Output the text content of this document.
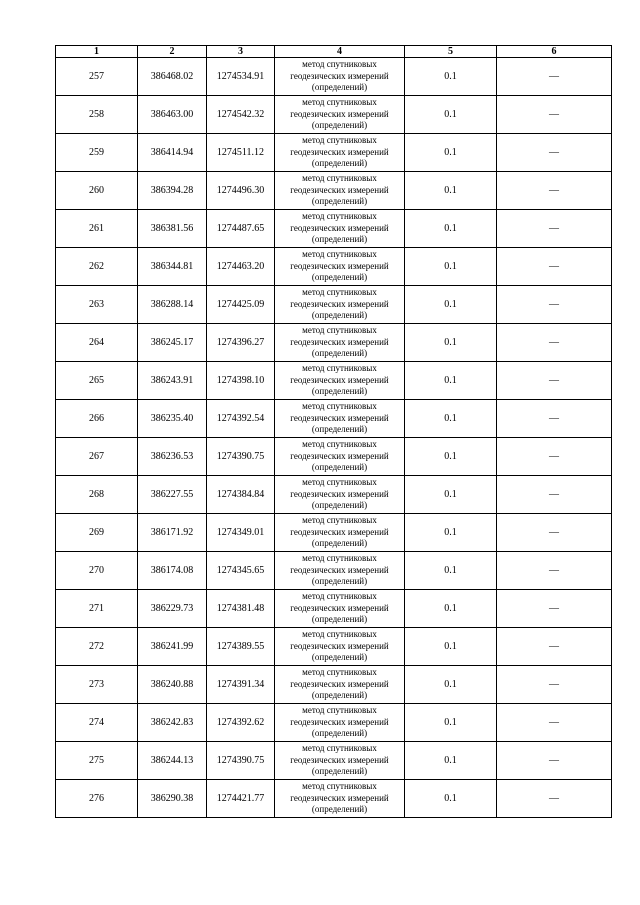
1	2	3	4	5	6
257	386468.02	1274534.91	метод спутниковых геодезических измерений (определений)	0.1	—
258	386463.00	1274542.32	метод спутниковых геодезических измерений (определений)	0.1	—
259	386414.94	1274511.12	метод спутниковых геодезических измерений (определений)	0.1	—
260	386394.28	1274496.30	метод спутниковых геодезических измерений (определений)	0.1	—
261	386381.56	1274487.65	метод спутниковых геодезических измерений (определений)	0.1	—
262	386344.81	1274463.20	метод спутниковых геодезических измерений (определений)	0.1	—
263	386288.14	1274425.09	метод спутниковых геодезических измерений (определений)	0.1	—
264	386245.17	1274396.27	метод спутниковых геодезических измерений (определений)	0.1	—
265	386243.91	1274398.10	метод спутниковых геодезических измерений (определений)	0.1	—
266	386235.40	1274392.54	метод спутниковых геодезических измерений (определений)	0.1	—
267	386236.53	1274390.75	метод спутниковых геодезических измерений (определений)	0.1	—
268	386227.55	1274384.84	метод спутниковых геодезических измерений (определений)	0.1	—
269	386171.92	1274349.01	метод спутниковых геодезических измерений (определений)	0.1	—
270	386174.08	1274345.65	метод спутниковых геодезических измерений (определений)	0.1	—
271	386229.73	1274381.48	метод спутниковых геодезических измерений (определений)	0.1	—
272	386241.99	1274389.55	метод спутниковых геодезических измерений (определений)	0.1	—
273	386240.88	1274391.34	метод спутниковых геодезических измерений (определений)	0.1	—
274	386242.83	1274392.62	метод спутниковых геодезических измерений (определений)	0.1	—
275	386244.13	1274390.75	метод спутниковых геодезических измерений (определений)	0.1	—
276	386290.38	1274421.77	метод спутниковых геодезических измерений (определений)	0.1	—
